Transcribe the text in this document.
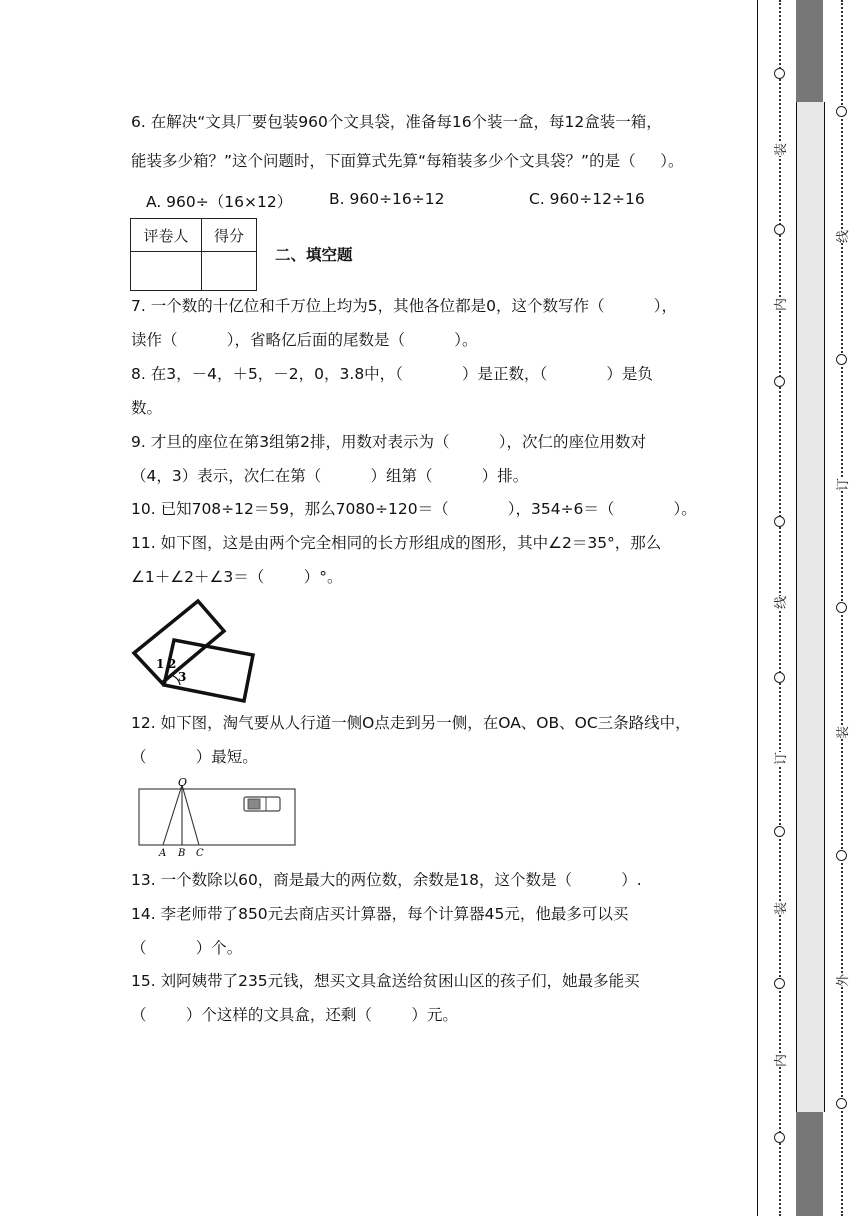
6. 在解决“文具厂要包装960个文具袋，准备每16个装一盒，每12盒装一箱，
能装多少箱？”这个问题时，下面算式先算“每箱装多少个文具袋？”的是（     ）。
A. 960÷（16×12） B. 960÷16÷12	C. 960÷12÷16
评卷人	得分

二、填空题
7. 一个数的十亿位和千万位上均为5，其他各位都是0，这个数写作（          ），
读作（          ），省略亿后面的尾数是（          ）。
8. 在3，－4，＋5，－2，0，3.8中，（            ）是正数，（            ）是负
数。
9. 才旦的座位在第3组第2排，用数对表示为（          ），次仁的座位用数对
（4，3）表示，次仁在第（          ）组第（          ）排。
10. 已知708÷12＝59，那么7080÷120＝（            ），354÷6＝（            ）。
11. 如下图，这是由两个完全相同的长方形组成的图形，其中∠2＝35°，那么
∠1＋∠2＋∠3＝（        ）°。
1 2
3
12. 如下图，淘气要从人行道一侧O点走到另一侧，在OA、OB、OC三条路线中，
（          ）最短。
O
A B C
13. 一个数除以60，商是最大的两位数，余数是18，这个数是（          ）.
14. 李老师带了850元去商店买计算器，每个计算器45元，他最多可以买
（          ）个。
15. 刘阿姨带了235元钱，想买文具盒送给贫困山区的孩子们，她最多能买
（        ）个这样的文具盒，还剩（        ）元。
装
内
线
订
装
内
线
订
装
外
